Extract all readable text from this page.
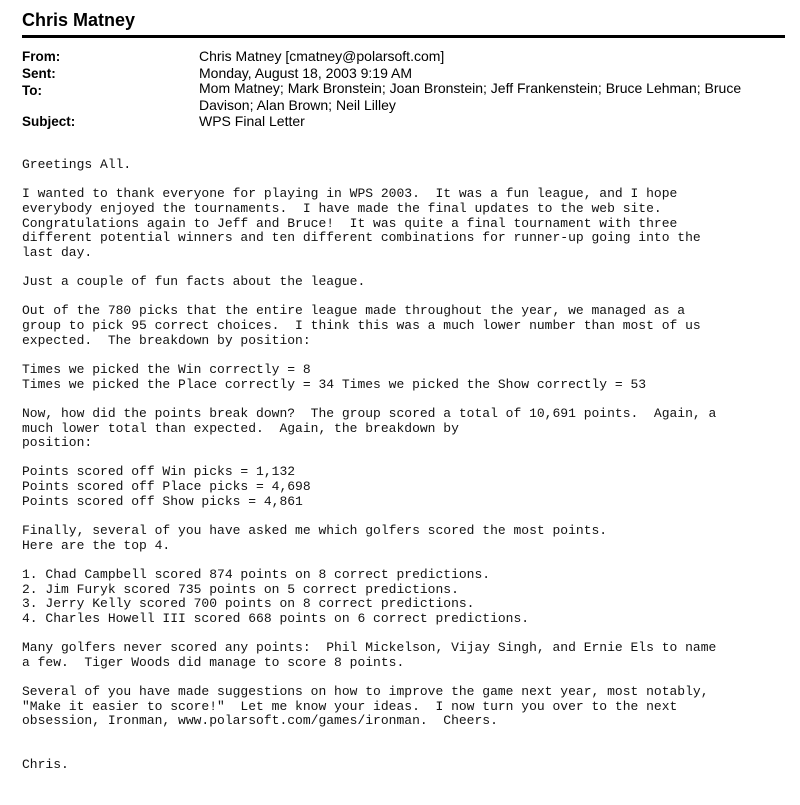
Chris Matney
From:	Chris Matney [cmatney@polarsoft.com]
Sent:	Monday, August 18, 2003 9:19 AM
To:	Mom Matney; Mark Bronstein; Joan Bronstein; Jeff Frankenstein; Bruce Lehman; Bruce Davison; Alan Brown; Neil Lilley
Subject:	WPS Final Letter
Greetings All.
I wanted to thank everyone for playing in WPS 2003.  It was a fun league, and I hope
everybody enjoyed the tournaments.  I have made the final updates to the web site.
Congratulations again to Jeff and Bruce!  It was quite a final tournament with three
different potential winners and ten different combinations for runner-up going into the
last day.
Just a couple of fun facts about the league.
Out of the 780 picks that the entire league made throughout the year, we managed as a
group to pick 95 correct choices.  I think this was a much lower number than most of us
expected.  The breakdown by position:
Times we picked the Win correctly = 8
Times we picked the Place correctly = 34 Times we picked the Show correctly = 53
Now, how did the points break down?  The group scored a total of 10,691 points.  Again, a
much lower total than expected.  Again, the breakdown by
position:
Points scored off Win picks = 1,132
Points scored off Place picks = 4,698
Points scored off Show picks = 4,861
Finally, several of you have asked me which golfers scored the most points.
Here are the top 4.
1. Chad Campbell scored 874 points on 8 correct predictions.
2. Jim Furyk scored 735 points on 5 correct predictions.
3. Jerry Kelly scored 700 points on 8 correct predictions.
4. Charles Howell III scored 668 points on 6 correct predictions.
Many golfers never scored any points:  Phil Mickelson, Vijay Singh, and Ernie Els to name
a few.  Tiger Woods did manage to score 8 points.
Several of you have made suggestions on how to improve the game next year, most notably,
"Make it easier to score!"  Let me know your ideas.  I now turn you over to the next
obsession, Ironman, www.polarsoft.com/games/ironman.  Cheers.
Chris.
